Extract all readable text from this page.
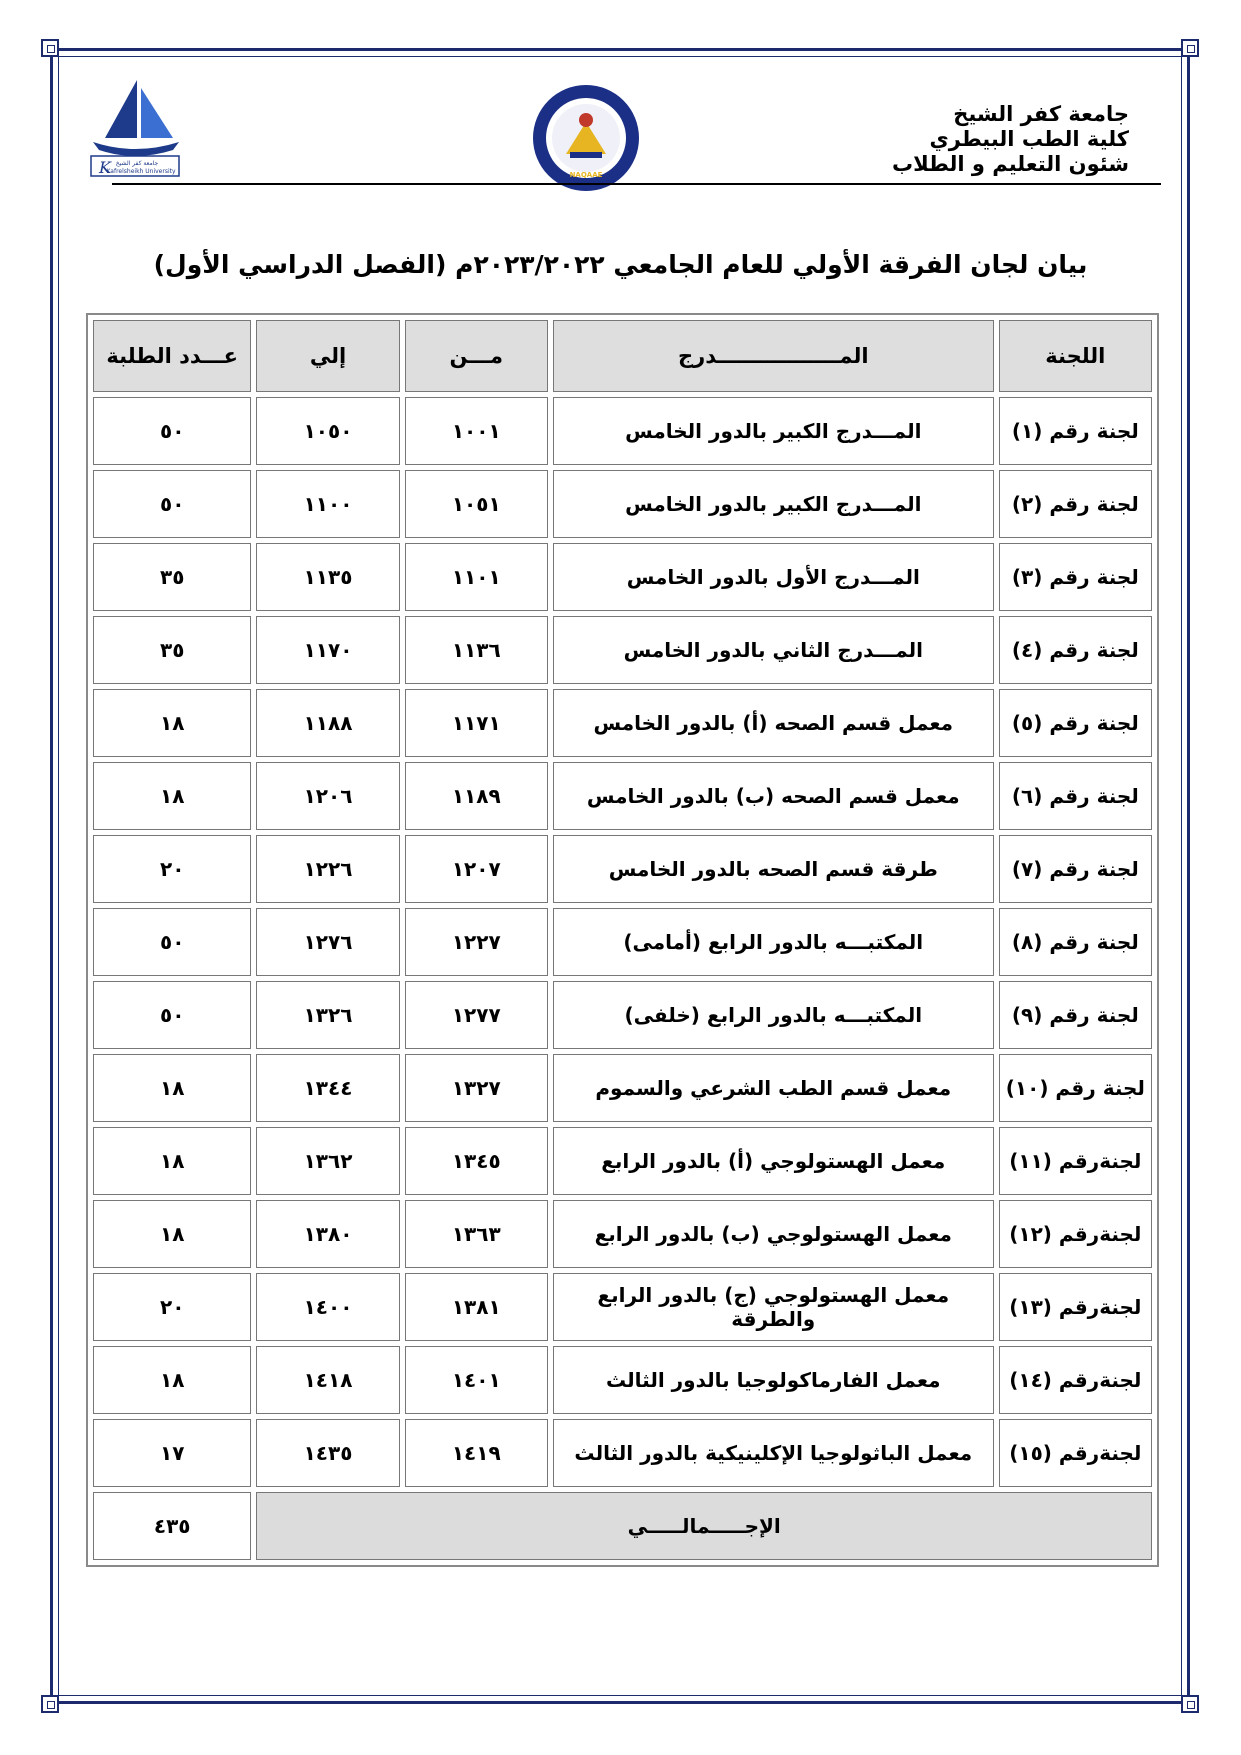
K جامعة كفر الشيخ
Kafrelsheikh University	NAQAAE
جامعة كفر الشيخ
كلية الطب البيطري
شئون التعليم و الطلاب
بيان لجان الفرقة الأولي للعام الجامعي ٢٠٢٣/٢٠٢٢م (الفصل الدراسي الأول)
اللجنة	المـــــــــــــــــدرج	مـــن	إلي	عـــدد الطلبة
لجنة رقم (١)	المـــدرج الكبير بالدور الخامس	١٠٠١	١٠٥٠	٥٠
لجنة رقم (٢)	المـــدرج الكبير بالدور الخامس	١٠٥١	١١٠٠	٥٠
لجنة رقم (٣)	المـــدرج الأول بالدور الخامس	١١٠١	١١٣٥	٣٥
لجنة رقم (٤)	المـــدرج الثاني بالدور الخامس	١١٣٦	١١٧٠	٣٥
لجنة رقم (٥)	معمل قسم الصحه (أ) بالدور الخامس	١١٧١	١١٨٨	١٨
لجنة رقم (٦)	معمل قسم الصحه (ب) بالدور الخامس	١١٨٩	١٢٠٦	١٨
لجنة رقم (٧)	طرقة قسم الصحه بالدور الخامس	١٢٠٧	١٢٢٦	٢٠
لجنة رقم (٨)	المكتبـــه بالدور الرابع (أمامى)	١٢٢٧	١٢٧٦	٥٠
لجنة رقم (٩)	المكتبـــه بالدور الرابع (خلفى)	١٢٧٧	١٣٢٦	٥٠
لجنة رقم (١٠)	معمل قسم الطب الشرعي والسموم	١٣٢٧	١٣٤٤	١٨
لجنةرقم (١١)	معمل الهستولوجي (أ) بالدور الرابع	١٣٤٥	١٣٦٢	١٨
لجنةرقم (١٢)	معمل الهستولوجي (ب) بالدور الرابع	١٣٦٣	١٣٨٠	١٨
لجنةرقم (١٣)	معمل الهستولوجي (ج) بالدور الرابع والطرقة	١٣٨١	١٤٠٠	٢٠
لجنةرقم (١٤)	معمل الفارماكولوجيا بالدور الثالث	١٤٠١	١٤١٨	١٨
لجنةرقم (١٥)	معمل الباثولوجيا الإكلينيكية بالدور الثالث	١٤١٩	١٤٣٥	١٧
الإجـــــمالـــــي				٤٣٥
